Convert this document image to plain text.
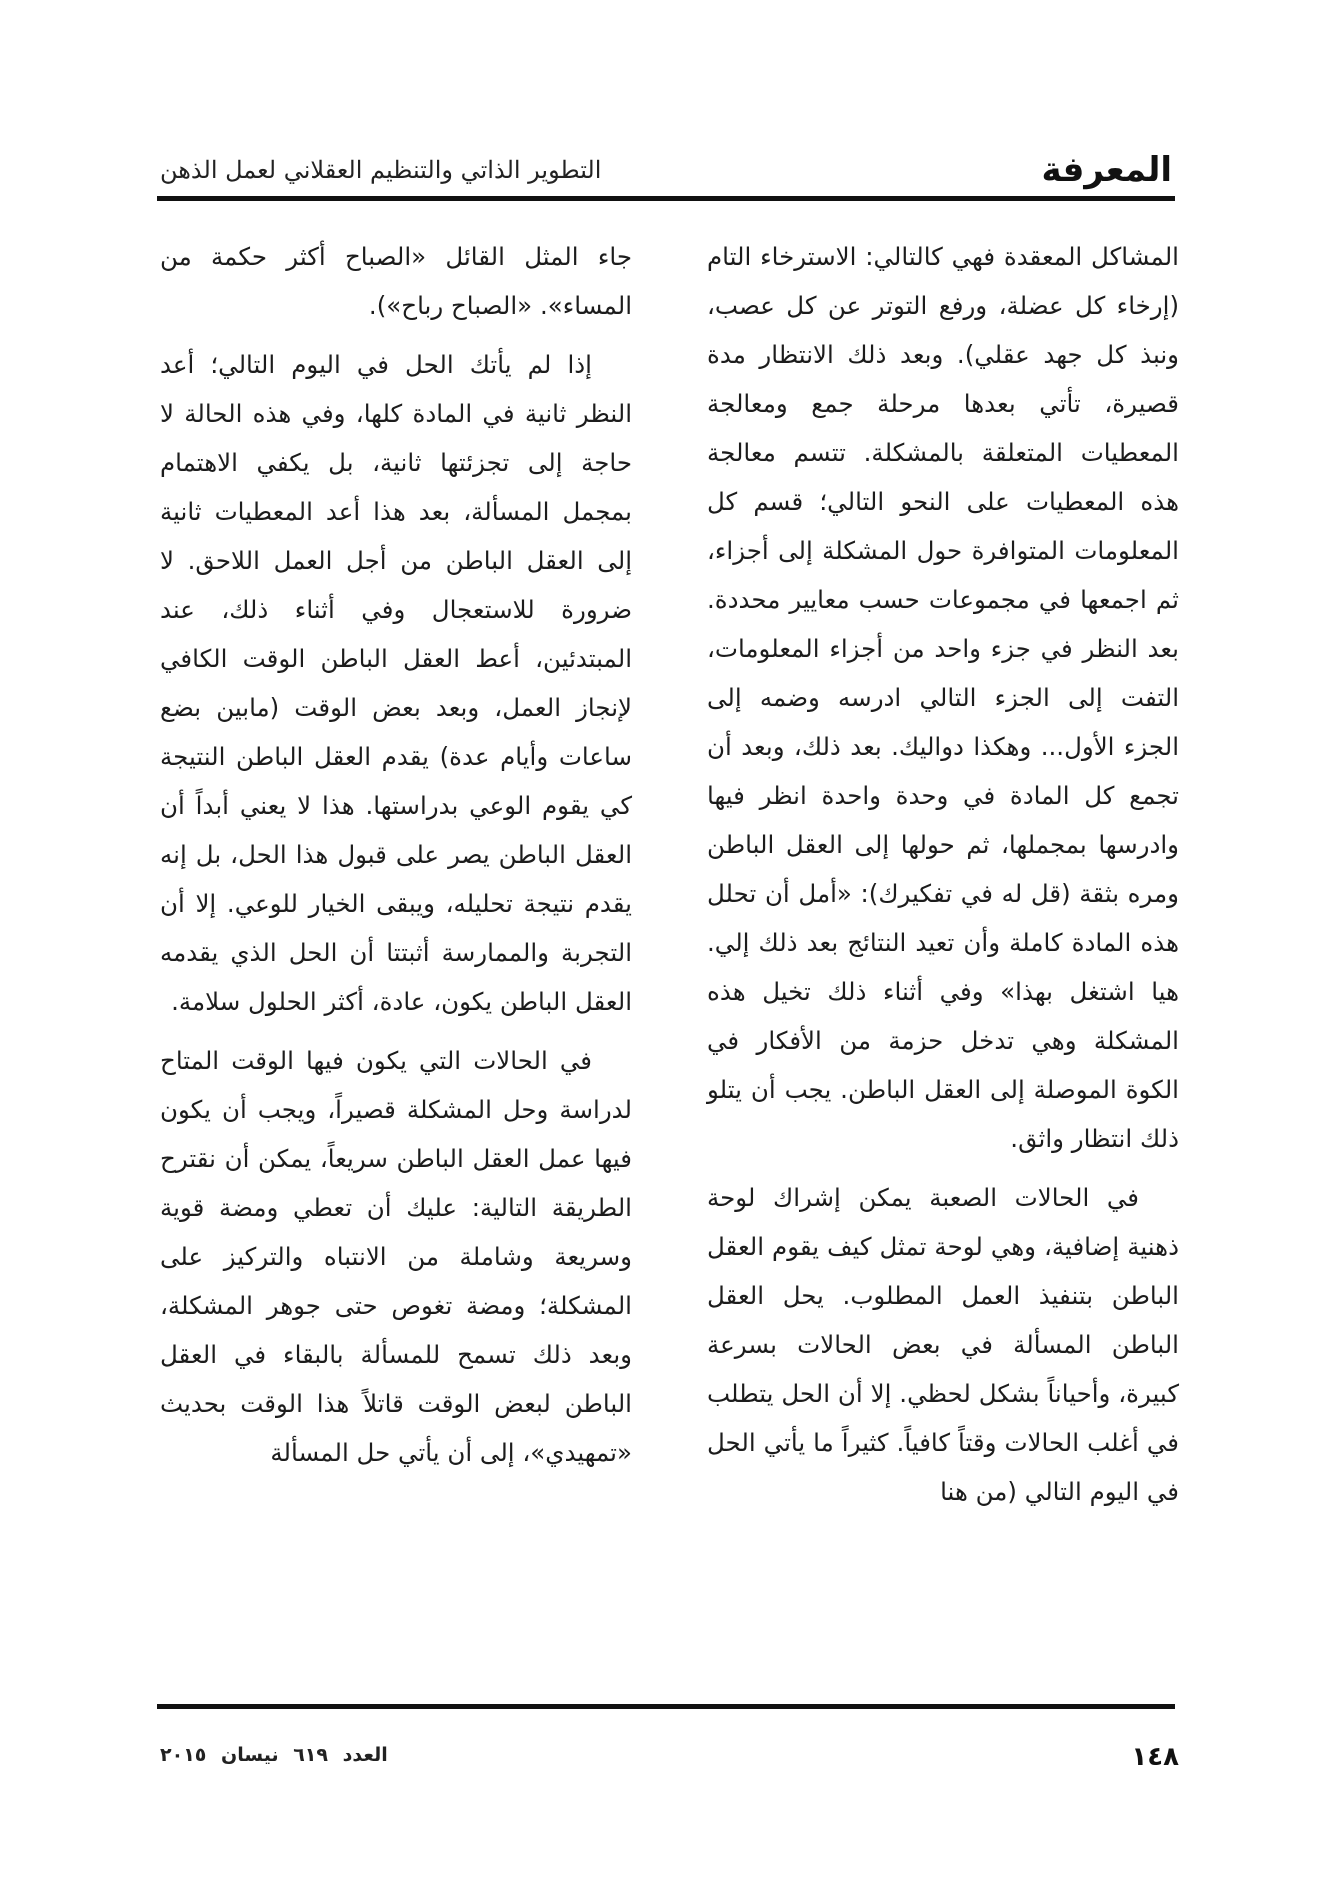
المعرفة
التطوير الذاتي والتنظيم العقلاني لعمل الذهن

المشاكل المعقدة فهي كالتالي: الاسترخاء التام (إرخاء كل عضلة، ورفع التوتر عن كل عصب، ونبذ كل جهد عقلي). وبعد ذلك الانتظار مدة قصيرة، تأتي بعدها مرحلة جمع ومعالجة المعطيات المتعلقة بالمشكلة. تتسم معالجة هذه المعطيات على النحو التالي؛ قسم كل المعلومات المتوافرة حول المشكلة إلى أجزاء، ثم اجمعها في مجموعات حسب معايير محددة. بعد النظر في جزء واحد من أجزاء المعلومات، التفت إلى الجزء التالي ادرسه وضمه إلى الجزء الأول... وهكذا دواليك. بعد ذلك، وبعد أن تجمع كل المادة في وحدة واحدة انظر فيها وادرسها بمجملها، ثم حولها إلى العقل الباطن ومره بثقة (قل له في تفكيرك): «أمل أن تحلل هذه المادة كاملة وأن تعيد النتائج بعد ذلك إلي. هيا اشتغل بهذا» وفي أثناء ذلك تخيل هذه المشكلة وهي تدخل حزمة من الأفكار في الكوة الموصلة إلى العقل الباطن. يجب أن يتلو ذلك انتظار واثق.

في الحالات الصعبة يمكن إشراك لوحة ذهنية إضافية، وهي لوحة تمثل كيف يقوم العقل الباطن بتنفيذ العمل المطلوب. يحل العقل الباطن المسألة في بعض الحالات بسرعة كبيرة، وأحياناً بشكل لحظي. إلا أن الحل يتطلب في أغلب الحالات وقتاً كافياً. كثيراً ما يأتي الحل في اليوم التالي (من هنا

جاء المثل القائل «الصباح أكثر حكمة من المساء». «الصباح رباح»).

إذا لم يأتك الحل في اليوم التالي؛ أعد النظر ثانية في المادة كلها، وفي هذه الحالة لا حاجة إلى تجزئتها ثانية، بل يكفي الاهتمام بمجمل المسألة، بعد هذا أعد المعطيات ثانية إلى العقل الباطن من أجل العمل اللاحق. لا ضرورة للاستعجال وفي أثناء ذلك، عند المبتدئين، أعط العقل الباطن الوقت الكافي لإنجاز العمل، وبعد بعض الوقت (مابين بضع ساعات وأيام عدة) يقدم العقل الباطن النتيجة كي يقوم الوعي بدراستها. هذا لا يعني أبداً أن العقل الباطن يصر على قبول هذا الحل، بل إنه يقدم نتيجة تحليله، ويبقى الخيار للوعي. إلا أن التجربة والممارسة أثبتتا أن الحل الذي يقدمه العقل الباطن يكون، عادة، أكثر الحلول سلامة.

في الحالات التي يكون فيها الوقت المتاح لدراسة وحل المشكلة قصيراً، ويجب أن يكون فيها عمل العقل الباطن سريعاً، يمكن أن نقترح الطريقة التالية: عليك أن تعطي ومضة قوية وسريعة وشاملة من الانتباه والتركيز على المشكلة؛ ومضة تغوص حتى جوهر المشكلة، وبعد ذلك تسمح للمسألة بالبقاء في العقل الباطن لبعض الوقت قاتلاً هذا الوقت بحديث «تمهيدي»، إلى أن يأتي حل المسألة

١٤٨
العدد ٦١٩ نيسان ٢٠١٥
